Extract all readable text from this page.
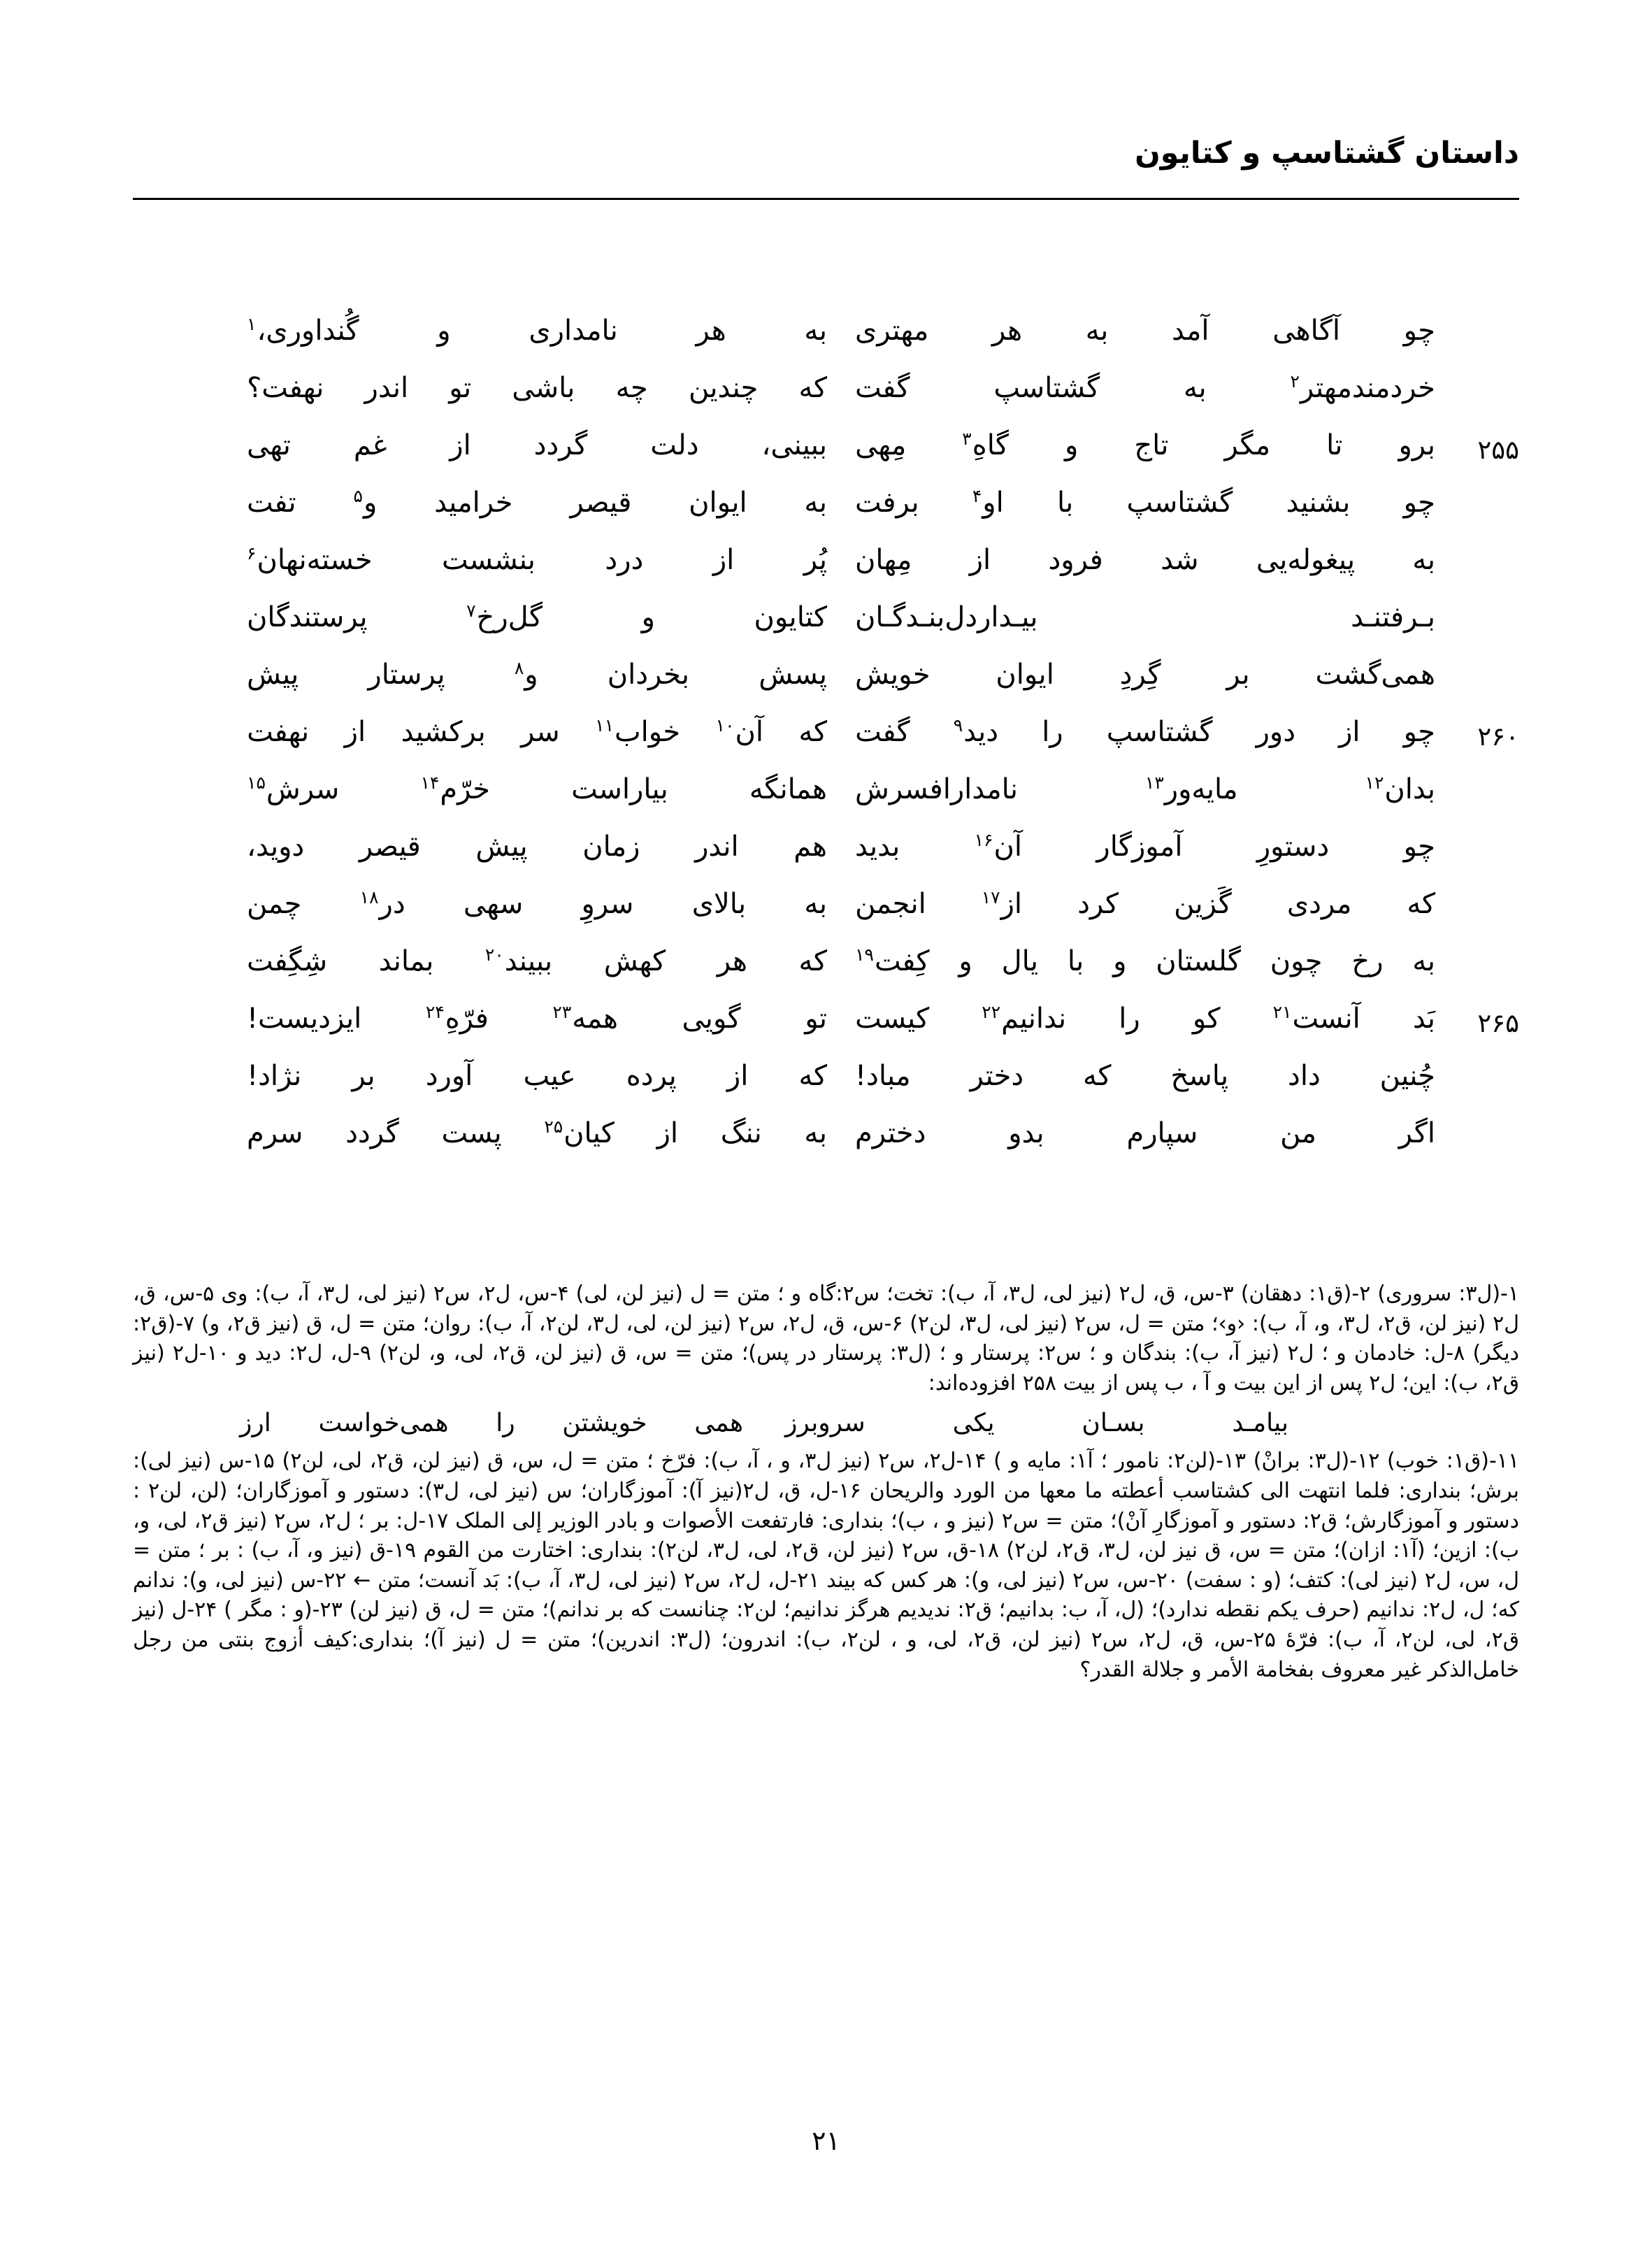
داستان گشتاسپ و کتایون
چو
آگاهی
آمد
به
هر
مهتری
به
هر
نامداری
و
گُنداوری،$^۱$
خردمندمهتر$^۲$
به
گشتاسپ
گفت
که
چندین
چه
باشی
تو
اندر
نهفت؟
۲۵۵
برو
تا
مگر
تاج
و
گاهِ$^۳$
مِهی
ببینی،
دلت
گردد
از
غم
تهی
چو
بشنید
گشتاسپ
با
او$^۴$
برفت
به
ایوان
قیصر
خرامید
و$^۵$
تفت
به
پیغوله‌یی
شد
فرود
از
مِهان
پُر
از
درد
بنشست
خسته‌نهان$^۶$
بـرفتنـد
بیـداردل‌بنـدگـان
کتایون
و
گل‌رخ$^۷$
پرستندگان
همی‌گشت
بر
گِردِ
ایوان
خویش
پسش
بخردان
و$^۸$
پرستار
پیش
۲۶۰
چو
از
دور
گشتاسپ
را
دید$^۹$
گفت
که
آن$^{۱۰}$
خواب$^{۱۱}$
سر
برکشید
از
نهفت
بدان$^{۱۲}$
مایه‌ور$^{۱۳}$
نامدارافسرش
همانگه
بیاراست
خرّم$^{۱۴}$
سرش$^{۱۵}$
چو
دستورِ
آموزگار
آن$^{۱۶}$
بدید
هم
اندر
زمان
پیش
قیصر
دوید،
که
مردی
گَزین
کرد
از$^{۱۷}$
انجمن
به
بالای
سروِ
سهی
در$^{۱۸}$
چمن
به
رخ
چون
گلستان
و
با
یال
و
کِفت$^{۱۹}$
که
هر
کهش
ببیند$^{۲۰}$
بماند
شِگِفت
۲۶۵
بَد
آنست$^{۲۱}$
کو
را
ندانیم$^{۲۲}$
کیست
تو
گویی
همه$^{۲۳}$
فرّهِ$^{۲۴}$
ایزدیست!
چُنین
داد
پاسخ
که
دختر
مباد!
که
از
پرده
عیب
آورد
بر
نژاد!
اگر
من
سپارم
بدو
دخترم
به
ننگ
از
کیان$^{۲۵}$
پست
گردد
سرم
۱-(ل۳: سروری) ۲-(ق۱: دهقان) ۳-س، ق، ل۲ (نیز لی، ل۳، آ، ب): تخت؛ س۲:گاه و ؛ متن = ل (نیز لن، لی) ۴-س، ل۲، س۲ (نیز لی، ل۳، آ، ب): وی ۵-س، ق، ل۲ (نیز لن، ق۲، ل۳، و، آ، ب): ‹و›؛ متن = ل، س۲ (نیز لی، ل۳، لن۲) ۶-س، ق، ل۲، س۲ (نیز لن، لی، ل۳، لن۲، آ، ب): روان؛ متن = ل، ق (نیز ق۲، و) ۷-(ق۲: دیگر) ۸-ل: خادمان و ؛ ل۲ (نیز آ، ب): بندگان و ؛ س۲: پرستار و ؛ (ل۳: پرستار در پس)؛ متن = س، ق (نیز لن، ق۲، لی، و، لن۲) ۹-ل، ل۲: دید و ۱۰-ل۲ (نیز ق۲، ب): این؛ ل۲ پس از این بیت و آ ، ب پس از بیت ۲۵۸ افزوده‌اند:
بیامـد
بسـان
یکی
سروبرز
همی
خویشتن
را
همی‌خواست
ارز
۱۱-(ق۱: خوب) ۱۲-(ل۳: برانْ) ۱۳-(لن۲: نامور ؛ آ۱: مایه و ) ۱۴-ل۲، س۲ (نیز ل۳، و ، آ، ب): فرّخ ؛ متن = ل، س، ق (نیز لن، ق۲، لی، لن۲) ۱۵-س (نیز لی): برش؛ بنداری: فلما انتهت الی کشتاسب أعطته ما معها من الورد والریحان ۱۶-ل، ق، ل۲(نیز آ): آموزگاران؛ س (نیز لی، ل۳): دستور و آموزگاران؛ (لن، لن۲ : دستور و آموزگارش؛ ق۲: دستور و آموزگارِ آنْ)؛ متن = س۲ (نیز و ، ب)؛ بنداری: فارتفعت الأصوات و بادر الوزیر إلی الملک ۱۷-ل: بر ؛ ل۲، س۲ (نیز ق۲، لی، و، ب): ازین؛ (آ۱: ازان)؛ متن = س، ق نیز لن، ل۳، ق۲، لن۲) ۱۸-ق، س۲ (نیز لن، ق۲، لی، ل۳، لن۲): بنداری: اختارت من القوم ۱۹-ق (نیز و، آ، ب) : بر ؛ متن = ل، س، ل۲ (نیز لی): کتف؛ (و : سفت) ۲۰-س، س۲ (نیز لی، و): هر کس که بیند ۲۱-ل، ل۲، س۲ (نیز لی، ل۳، آ، ب): بَد آنست؛ متن ← ۲۲-س (نیز لی، و): ندانم که؛ ل، ل۲: ندانیم (حرف یکم نقطه ندارد)؛ (ل، آ، ب: بدانیم؛ ق۲: ندیدیم هرگز ندانیم؛ لن۲: چنانست که بر ندانم)؛ متن = ل، ق (نیز لن) ۲۳-(و : مگر ) ۲۴-ل (نیز ق۲، لی، لن۲، آ، ب): فرّهٔ ۲۵-س، ق، ل۲، س۲ (نیز لن، ق۲، لی، و ، لن۲، ب): اندرون؛ (ل۳: اندرین)؛ متن = ل (نیز آ)؛ بنداری:کیف أزوج بنتی من رجل خامل‌الذکر غیر معروف بفخامة الأمر و جلالة القدر؟
۲۱
